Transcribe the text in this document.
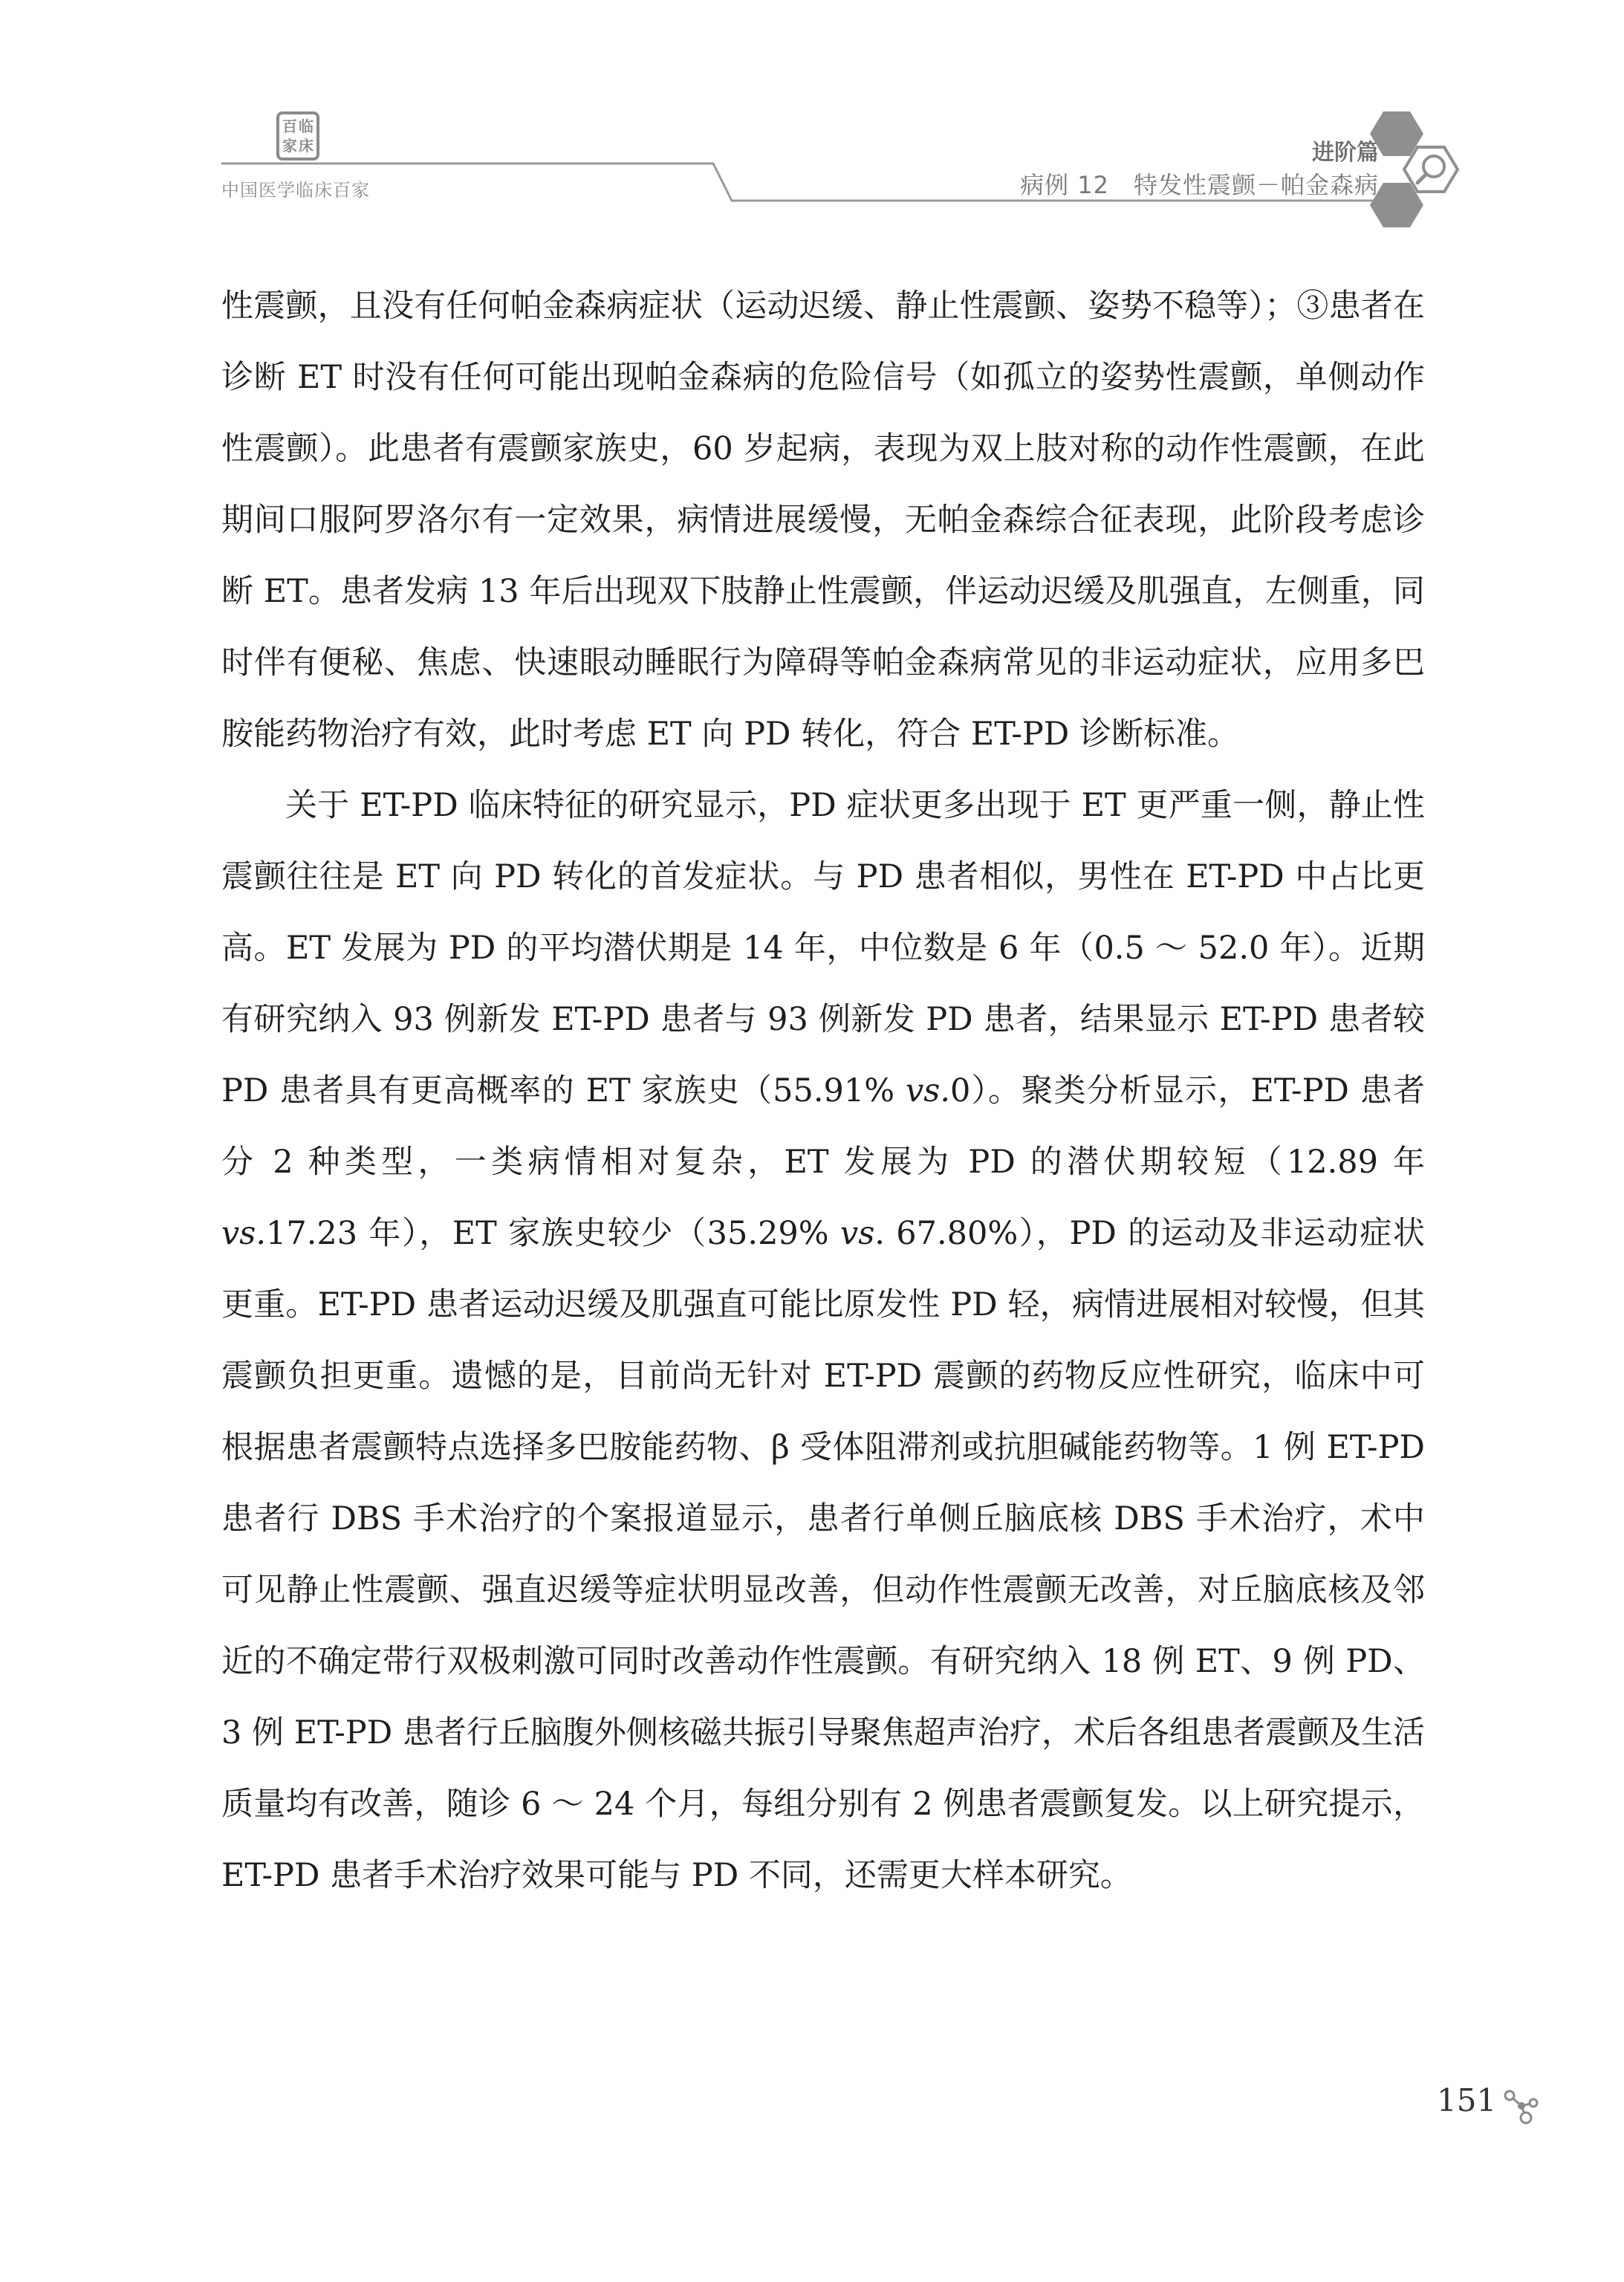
百 临
家 床
中国医学临床百家
进阶篇
病例 12　特发性震颤－帕金森病

性震颤，且没有任何帕金森病症状（运动迟缓、静止性震颤、姿势不稳等）；③患者在诊断 ET 时没有任何可能出现帕金森病的危险信号（如孤立的姿势性震颤，单侧动作性震颤）。此患者有震颤家族史，60 岁起病，表现为双上肢对称的动作性震颤，在此期间口服阿罗洛尔有一定效果，病情进展缓慢，无帕金森综合征表现，此阶段考虑诊断 ET。患者发病 13 年后出现双下肢静止性震颤，伴运动迟缓及肌强直，左侧重，同时伴有便秘、焦虑、快速眼动睡眠行为障碍等帕金森病常见的非运动症状，应用多巴胺能药物治疗有效，此时考虑 ET 向 PD 转化，符合 ET-PD 诊断标准。

关于 ET-PD 临床特征的研究显示，PD 症状更多出现于 ET 更严重一侧，静止性震颤往往是 ET 向 PD 转化的首发症状。与 PD 患者相似，男性在 ET-PD 中占比更高。ET 发展为 PD 的平均潜伏期是 14 年，中位数是 6 年（0.5 ～ 52.0 年）。近期有研究纳入 93 例新发 ET-PD 患者与 93 例新发 PD 患者，结果显示 ET-PD 患者较 PD 患者具有更高概率的 ET 家族史（55.91% vs.0）。聚类分析显示，ET-PD 患者分 2 种类型，一类病情相对复杂，ET 发展为 PD 的潜伏期较短（12.89 年 vs.17.23 年），ET 家族史较少（35.29% vs. 67.80%），PD 的运动及非运动症状更重。ET-PD 患者运动迟缓及肌强直可能比原发性 PD 轻，病情进展相对较慢，但其震颤负担更重。遗憾的是，目前尚无针对 ET-PD 震颤的药物反应性研究，临床中可根据患者震颤特点选择多巴胺能药物、β 受体阻滞剂或抗胆碱能药物等。1 例 ET-PD 患者行 DBS 手术治疗的个案报道显示，患者行单侧丘脑底核 DBS 手术治疗，术中可见静止性震颤、强直迟缓等症状明显改善，但动作性震颤无改善，对丘脑底核及邻近的不确定带行双极刺激可同时改善动作性震颤。有研究纳入 18 例 ET、9 例 PD、3 例 ET-PD 患者行丘脑腹外侧核磁共振引导聚焦超声治疗，术后各组患者震颤及生活质量均有改善，随诊 6 ～ 24 个月，每组分别有 2 例患者震颤复发。以上研究提示，ET-PD 患者手术治疗效果可能与 PD 不同，还需更大样本研究。

151
